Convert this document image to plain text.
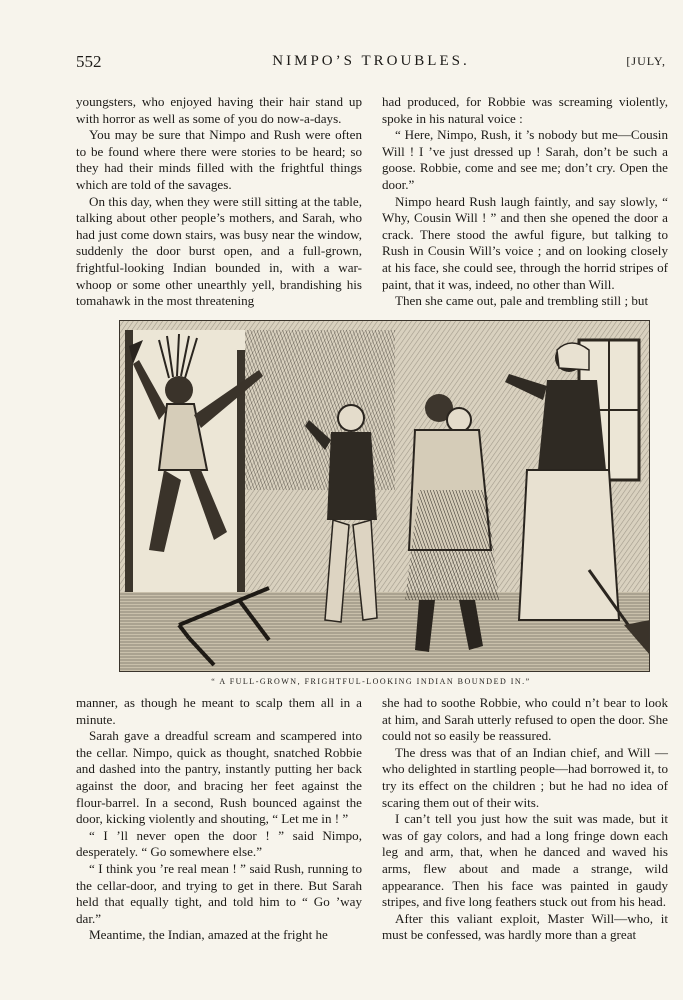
552	NIMPO’S TROUBLES.	[JULY,

youngsters, who enjoyed having their hair stand up with horror as well as some of you do now-a-days.

You may be sure that Nimpo and Rush were often to be found where there were stories to be heard; so they had their minds filled with the frightful things which are told of the savages.

On this day, when they were still sitting at the table, talking about other people’s mothers, and Sarah, who had just come down stairs, was busy near the window, suddenly the door burst open, and a full-grown, frightful-looking Indian bounded in, with a war-whoop or some other unearthly yell, brandishing his tomahawk in the most threatening

had produced, for Robbie was screaming violently, spoke in his natural voice :

“ Here, Nimpo, Rush, it ’s nobody but me—Cousin Will ! I ’ve just dressed up ! Sarah, don’t be such a goose. Robbie, come and see me; don’t cry. Open the door.”

Nimpo heard Rush laugh faintly, and say slowly, “ Why, Cousin Will ! ” and then she opened the door a crack. There stood the awful figure, but talking to Rush in Cousin Will’s voice ; and on looking closely at his face, she could see, through the horrid stripes of paint, that it was, indeed, no other than Will.

Then she came out, pale and trembling still ; but

“ A FULL-GROWN, FRIGHTFUL-LOOKING INDIAN BOUNDED IN.”

manner, as though he meant to scalp them all in a minute.

Sarah gave a dreadful scream and scampered into the cellar. Nimpo, quick as thought, snatched Robbie and dashed into the pantry, instantly putting her back against the door, and bracing her feet against the flour-barrel. In a second, Rush bounced against the door, kicking violently and shouting, “ Let me in ! ”

“ I ’ll never open the door ! ” said Nimpo, desperately. “ Go somewhere else.”

“ I think you ’re real mean ! ” said Rush, running to the cellar-door, and trying to get in there. But Sarah held that equally tight, and told him to “ Go ’way dar.”

Meantime, the Indian, amazed at the fright he

she had to soothe Robbie, who could n’t bear to look at him, and Sarah utterly refused to open the door. She could not so easily be reassured.

The dress was that of an Indian chief, and Will —who delighted in startling people—had borrowed it, to try its effect on the children ; but he had no idea of scaring them out of their wits.

I can’t tell you just how the suit was made, but it was of gay colors, and had a long fringe down each leg and arm, that, when he danced and waved his arms, flew about and made a strange, wild appearance. Then his face was painted in gaudy stripes, and five long feathers stuck out from his head.

After this valiant exploit, Master Will—who, it must be confessed, was hardly more than a great
